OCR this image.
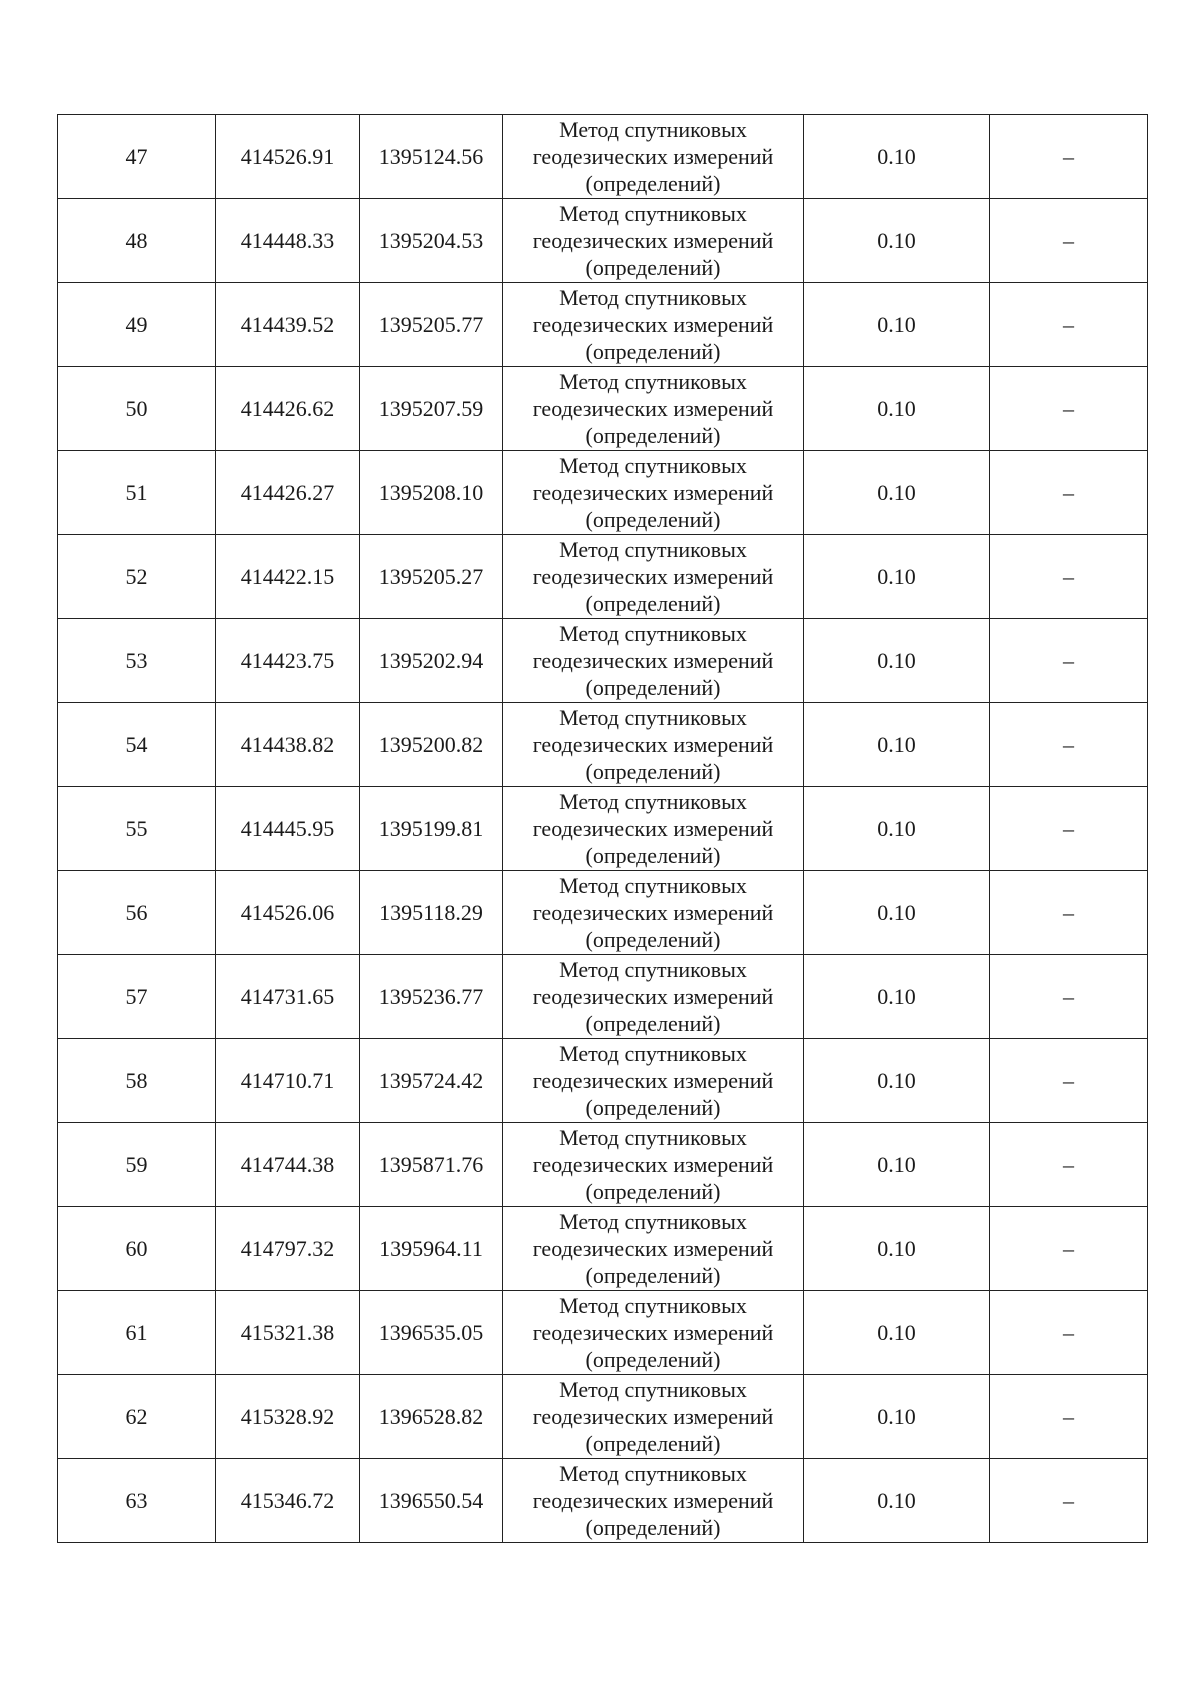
47	414526.91	1395124.56	Метод спутниковых геодезических измерений (определений)	0.10	–
48	414448.33	1395204.53	Метод спутниковых геодезических измерений (определений)	0.10	–
49	414439.52	1395205.77	Метод спутниковых геодезических измерений (определений)	0.10	–
50	414426.62	1395207.59	Метод спутниковых геодезических измерений (определений)	0.10	–
51	414426.27	1395208.10	Метод спутниковых геодезических измерений (определений)	0.10	–
52	414422.15	1395205.27	Метод спутниковых геодезических измерений (определений)	0.10	–
53	414423.75	1395202.94	Метод спутниковых геодезических измерений (определений)	0.10	–
54	414438.82	1395200.82	Метод спутниковых геодезических измерений (определений)	0.10	–
55	414445.95	1395199.81	Метод спутниковых геодезических измерений (определений)	0.10	–
56	414526.06	1395118.29	Метод спутниковых геодезических измерений (определений)	0.10	–
57	414731.65	1395236.77	Метод спутниковых геодезических измерений (определений)	0.10	–
58	414710.71	1395724.42	Метод спутниковых геодезических измерений (определений)	0.10	–
59	414744.38	1395871.76	Метод спутниковых геодезических измерений (определений)	0.10	–
60	414797.32	1395964.11	Метод спутниковых геодезических измерений (определений)	0.10	–
61	415321.38	1396535.05	Метод спутниковых геодезических измерений (определений)	0.10	–
62	415328.92	1396528.82	Метод спутниковых геодезических измерений (определений)	0.10	–
63	415346.72	1396550.54	Метод спутниковых геодезических измерений (определений)	0.10	–
